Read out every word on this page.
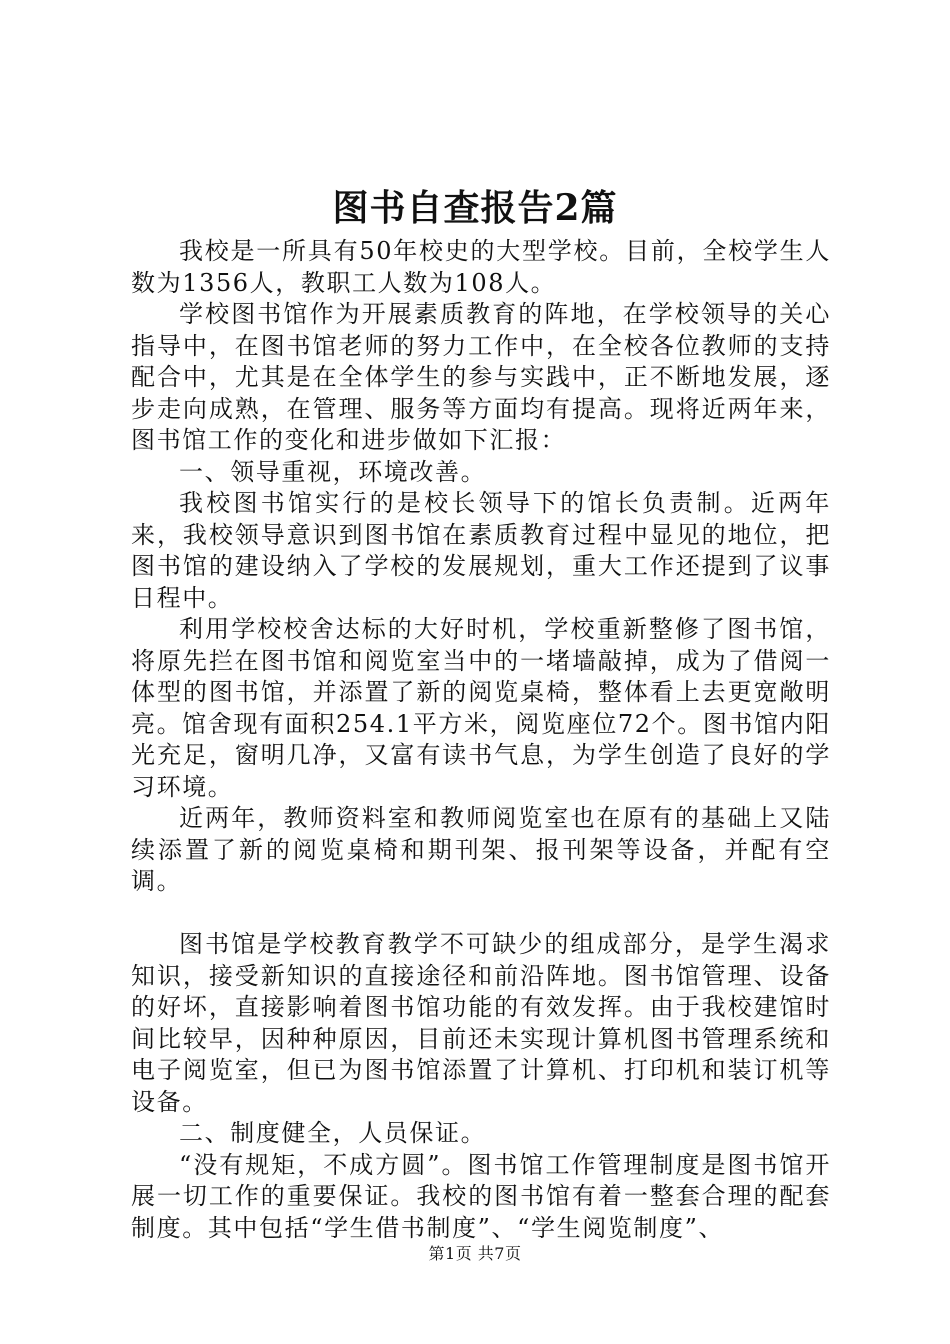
图书自查报告2篇

我校是一所具有50年校史的大型学校。目前，全校学生人数为1356人，教职工人数为108人。

学校图书馆作为开展素质教育的阵地，在学校领导的关心指导中，在图书馆老师的努力工作中，在全校各位教师的支持配合中，尤其是在全体学生的参与实践中，正不断地发展，逐步走向成熟，在管理、服务等方面均有提高。现将近两年来，图书馆工作的变化和进步做如下汇报：

一、领导重视，环境改善。

我校图书馆实行的是校长领导下的馆长负责制。近两年来，我校领导意识到图书馆在素质教育过程中显见的地位，把图书馆的建设纳入了学校的发展规划，重大工作还提到了议事日程中。

利用学校校舍达标的大好时机，学校重新整修了图书馆，将原先拦在图书馆和阅览室当中的一堵墙敲掉，成为了借阅一体型的图书馆，并添置了新的阅览桌椅，整体看上去更宽敞明亮。馆舍现有面积254.1平方米，阅览座位72个。图书馆内阳光充足，窗明几净，又富有读书气息，为学生创造了良好的学习环境。

近两年，教师资料室和教师阅览室也在原有的基础上又陆续添置了新的阅览桌椅和期刊架、报刊架等设备，并配有空调。

图书馆是学校教育教学不可缺少的组成部分，是学生渴求知识，接受新知识的直接途径和前沿阵地。图书馆管理、设备的好坏，直接影响着图书馆功能的有效发挥。由于我校建馆时间比较早，因种种原因，目前还未实现计算机图书管理系统和电子阅览室，但已为图书馆添置了计算机、打印机和装订机等设备。

二、制度健全，人员保证。

“没有规矩，不成方圆”。图书馆工作管理制度是图书馆开展一切工作的重要保证。我校的图书馆有着一整套合理的配套制度。其中包括“学生借书制度”、“学生阅览制度”、

第1页 共7页
